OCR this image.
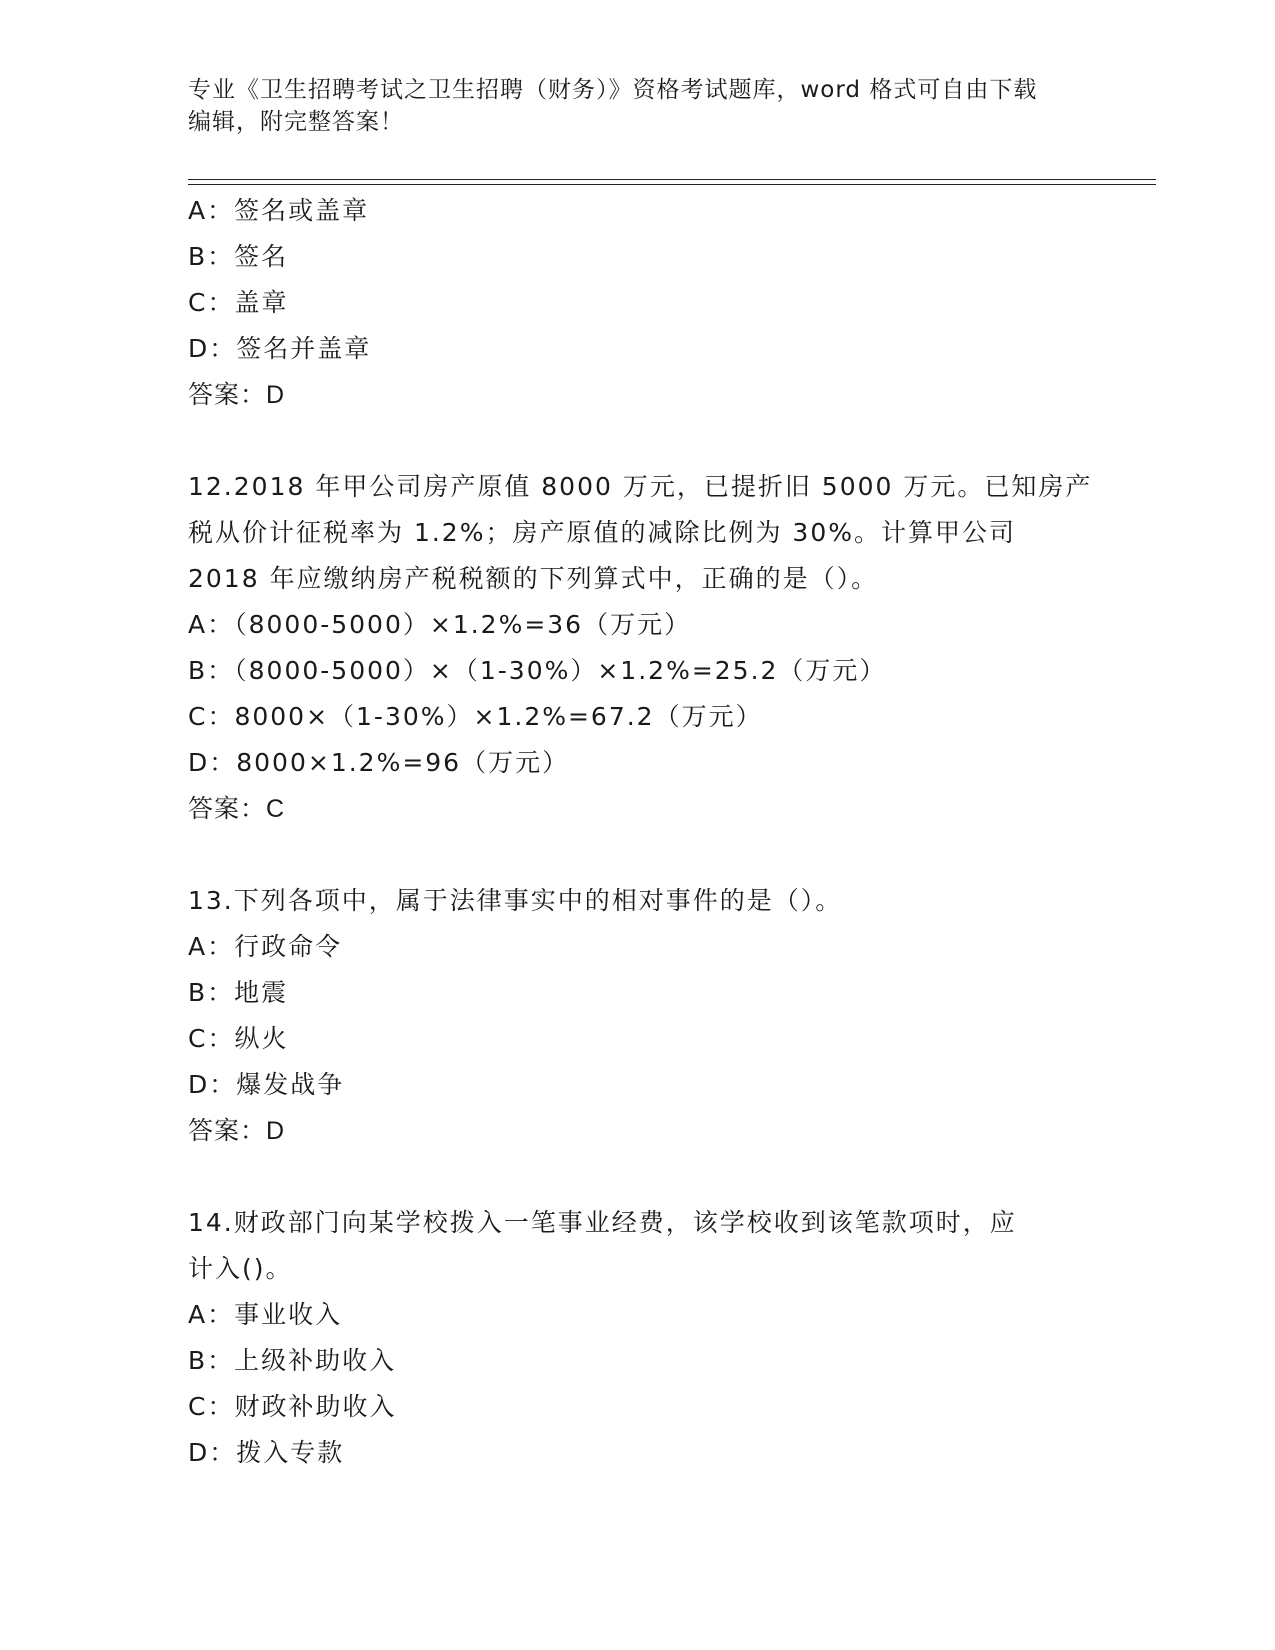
专业《卫生招聘考试之卫生招聘（财务）》资格考试题库，word 格式可自由下载
编辑，附完整答案！
A：签名或盖章
B：签名
C：盖章
D：签名并盖章
答案：D
12.2018 年甲公司房产原值 8000 万元，已提折旧 5000 万元。已知房产
税从价计征税率为 1.2%；房产原值的减除比例为 30%。计算甲公司
2018 年应缴纳房产税税额的下列算式中，正确的是（）。
A：（8000-5000）×1.2%=36（万元）
B：（8000-5000）×（1-30%）×1.2%=25.2（万元）
C：8000×（1-30%）×1.2%=67.2（万元）
D：8000×1.2%=96（万元）
答案：C
13.下列各项中，属于法律事实中的相对事件的是（）。
A：行政命令
B：地震
C：纵火
D：爆发战争
答案：D
14.财政部门向某学校拨入一笔事业经费，该学校收到该笔款项时，应
计入()。
A：事业收入
B：上级补助收入
C：财政补助收入
D：拨入专款
